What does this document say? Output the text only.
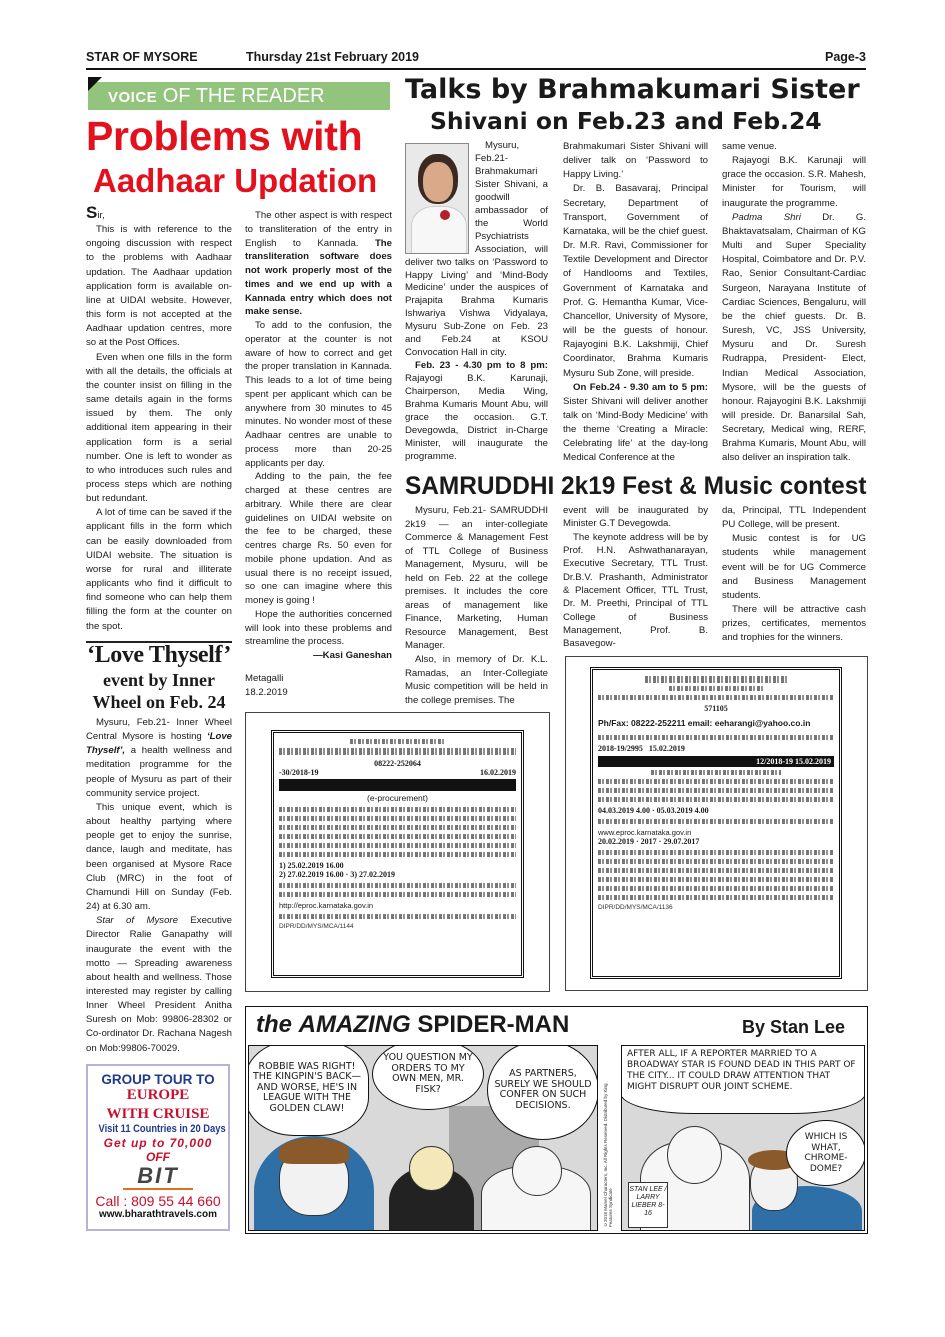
STAR OF MYSORE	Thursday 21st February 2019	Page-3
VOICE OF THE READER
Problems with
Aadhaar Updation

Sir,

This is with reference to the ongoing discussion with respect to the problems with Aadhaar updation. The Aadhaar updation application form is available on-line at UIDAI website. However, this form is not accepted at the Aadhaar updation centres, more so at the Post Offices.

Even when one fills in the form with all the details, the officials at the counter insist on filling in the same details again in the forms issued by them. The only additional item appearing in their application form is a serial number. One is left to wonder as to who introduces such rules and process steps which are nothing but redundant.

A lot of time can be saved if the applicant fills in the form which can be easily downloaded from UIDAI website. The situation is worse for rural and illiterate applicants who find it difficult to find someone who can help them filling the form at the counter on the spot.

The other aspect is with respect to transliteration of the entry in English to Kannada. The transliteration software does not work properly most of the times and we end up with a Kannada entry which does not make sense.

To add to the confusion, the operator at the counter is not aware of how to correct and get the proper translation in Kannada. This leads to a lot of time being spent per applicant which can be anywhere from 30 minutes to 45 minutes. No wonder most of these Aadhaar centres are unable to process more than 20-25 applicants per day.

Adding to the pain, the fee charged at these centres are arbitrary. While there are clear guidelines on UIDAI website on the fee to be charged, these centres charge Rs. 50 even for mobile phone updation. And as usual there is no receipt issued, so one can imagine where this money is going !

Hope the authorities concerned will look into these problems and streamline the process.

—Kasi Ganeshan

Metagalli

18.2.2019

‘Love Thyself’
event by Inner
Wheel on Feb. 24

Mysuru, Feb.21- Inner Wheel Central Mysore is hosting ‘Love Thyself’, a health wellness and meditation programme for the people of Mysuru as part of their community service project.

This unique event, which is about healthy partying where people get to enjoy the sunrise, dance, laugh and meditate, has been organised at Mysore Race Club (MRC) in the foot of Chamundi Hill on Sunday (Feb. 24) at 6.30 am.

Star of Mysore Executive Director Ralie Ganapathy will inaugurate the event with the motto — Spreading awareness about health and wellness. Those interested may register by calling Inner Wheel President Anitha Suresh on Mob: 99806-28302 or Co-ordinator Dr. Rachana Nagesh on Mob:99806-70029.

GROUP TOUR TO
EUROPE
WITH CRUISE
Visit 11 Countries in 20 Days
Get up to 70,000
OFF
BIT
Call : 809 55 44 660
www.bharathtravels.com
Talks by Brahmakumari Sister
Shivani on Feb.23 and Feb.24

Mysuru, Feb.21- Brahmakumari Sister Shivani, a goodwill ambassador of the World Psychiatrists Association, will deliver two talks on ‘Password to Happy Living’ and ‘Mind-Body Medicine’ under the auspices of Prajapita Brahma Kumaris Ishwariya Vishwa Vidyalaya, Mysuru Sub-Zone on Feb. 23 and Feb.24 at KSOU Convocation Hall in city.

Feb. 23 - 4.30 pm to 8 pm: Rajayogi B.K. Karunaji, Chairperson, Media Wing, Brahma Kumaris Mount Abu, will grace the occasion. G.T. Devegowda, District in-Charge Minister, will inaugurate the programme.

Brahmakumari Sister Shivani will deliver talk on ‘Password to Happy Living.’

Dr. B. Basavaraj, Principal Secretary, Department of Transport, Government of Karnataka, will be the chief guest. Dr. M.R. Ravi, Commissioner for Textile Development and Director of Handlooms and Textiles, Government of Karnataka and Prof. G. Hemantha Kumar, Vice-Chancellor, University of Mysore, will be the guests of honour. Rajayogini B.K. Lakshmiji, Chief Coordinator, Brahma Kumaris Mysuru Sub Zone, will preside.

On Feb.24 - 9.30 am to 5 pm: Sister Shivani will deliver another talk on ‘Mind-Body Medicine’ with the theme ‘Creating a Miracle: Celebrating life’ at the day-long Medical Conference at the

same venue.

Rajayogi B.K. Karunaji will grace the occasion. S.R. Mahesh, Minister for Tourism, will inaugurate the programme.

Padma Shri Dr. G. Bhaktavatsalam, Chairman of KG Multi and Super Speciality Hospital, Coimbatore and Dr. P.V. Rao, Senior Consultant-Cardiac Surgeon, Narayana Institute of Cardiac Sciences, Bengaluru, will be the chief guests. Dr. B. Suresh, VC, JSS University, Mysuru and Dr. Suresh Rudrappa, President- Elect, Indian Medical Association, Mysore, will be the guests of honour. Rajayogini B.K. Lakshmiji will preside. Dr. Banarsilal Sah, Secretary, Medical wing, RERF, Brahma Kumaris, Mount Abu, will also deliver an inspiration talk.

SAMRUDDHI 2k19 Fest & Music contest

Mysuru, Feb.21- SAMRUDDHI 2k19 — an inter-collegiate Commerce & Management Fest of TTL College of Business Management, Mysuru, will be held on Feb. 22 at the college premises. It includes the core areas of management like Finance, Marketing, Human Resource Management, Best Manager.

Also, in memory of Dr. K.L. Ramadas, an Inter-Collegiate Music competition will be held in the college premises. The

event will be inaugurated by Minister G.T Devegowda.

The keynote address will be by Prof. H.N. Ashwathanarayan, Executive Secretary, TTL Trust. Dr.B.V. Prashanth, Administrator & Placement Officer, TTL Trust, Dr. M. Preethi, Principal of TTL College of Business Management, Prof. B. Basavegow-

da, Principal, TTL Independent PU College, will be present.

Music contest is for UG students while management event will be for UG Commerce and Business Management students.

There will be attractive cash prizes, certificates, mementos and trophies for the winners.

08222-252064
-30/2018-19	16.02.2019
(e-procurement)
1) 25.02.2019 16.00
2) 27.02.2019 16.00 · 3) 27.02.2019
http://eproc.karnataka.gov.in
DIPR/DD/MYS/MCA/1144
571105
Ph/Fax: 08222-252211 email: eeharangi@yahoo.co.in
2018-19/2995 15.02.2019
12/2018-19 15.02.2019
04.03.2019 4.00 · 05.03.2019 4.00
www.eproc.karnataka.gov.in
20.02.2019 · 2017 · 29.07.2017
DIPR/DD/MYS/MCA/1136
the AMAZING SPIDER-MAN	By Stan Lee
ROBBIE WAS RIGHT! THE KINGPIN'S BACK—AND WORSE, HE'S IN LEAGUE WITH THE GOLDEN CLAW!
YOU QUESTION MY ORDERS TO MY OWN MEN, MR. FISK?
AS PARTNERS, SURELY WE SHOULD CONFER ON SUCH DECISIONS.	©2018 Marvel Characters, Inc. All Rights Reserved. Distributed by King Features Syndicate
AFTER ALL, IF A REPORTER MARRIED TO A BROADWAY STAR IS FOUND DEAD IN THIS PART OF THE CITY... IT COULD DRAW ATTENTION THAT MIGHT DISRUPT OUR JOINT SCHEME.
WHICH IS WHAT, CHROME-DOME?
STAN LEE / LARRY LIEBER 8-16
